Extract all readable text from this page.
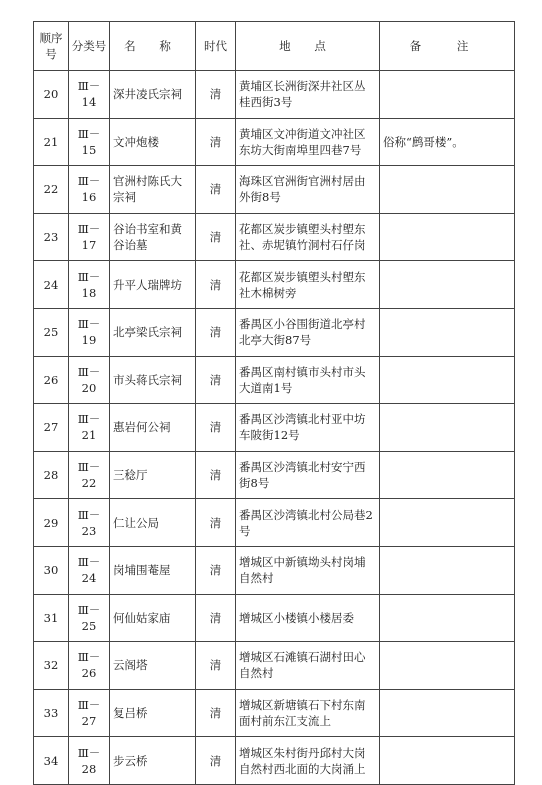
顺序号	分类号	名 称	时代	地 点	备 注
20	Ⅲ－14	深井凌氏宗祠	清	黄埔区长洲街深井社区丛桂西街3号	
21	Ⅲ－15	文冲炮楼	清	黄埔区文冲街道文冲社区东坊大街南埠里四巷7号	俗称“鹧哥楼”。
22	Ⅲ－16	官洲村陈氏大宗祠	清	海珠区官洲街官洲村居由外街8号	
23	Ⅲ－17	谷诒书室和黄谷诒墓	清	花都区炭步镇塱头村塱东社、赤坭镇竹洞村石仔岗	
24	Ⅲ－18	升平人瑞牌坊	清	花都区炭步镇塱头村塱东社木棉树旁	
25	Ⅲ－19	北亭梁氏宗祠	清	番禺区小谷围街道北亭村北亭大街87号	
26	Ⅲ－20	市头蒋氏宗祠	清	番禺区南村镇市头村市头大道南1号	
27	Ⅲ－21	惠岩何公祠	清	番禺区沙湾镇北村亚中坊车陂街12号	
28	Ⅲ－22	三稔厅	清	番禺区沙湾镇北村安宁西街8号	
29	Ⅲ－23	仁让公局	清	番禺区沙湾镇北村公局巷2号	
30	Ⅲ－24	岗埔围菴屋	清	增城区中新镇坳头村岗埔自然村	
31	Ⅲ－25	何仙姑家庙	清	增城区小楼镇小楼居委	
32	Ⅲ－26	云阁塔	清	增城区石滩镇石湖村田心自然村	
33	Ⅲ－27	复吕桥	清	增城区新塘镇石下村东南面村前东江支流上	
34	Ⅲ－28	步云桥	清	增城区朱村街丹邱村大岗自然村西北面的大岗涌上	
